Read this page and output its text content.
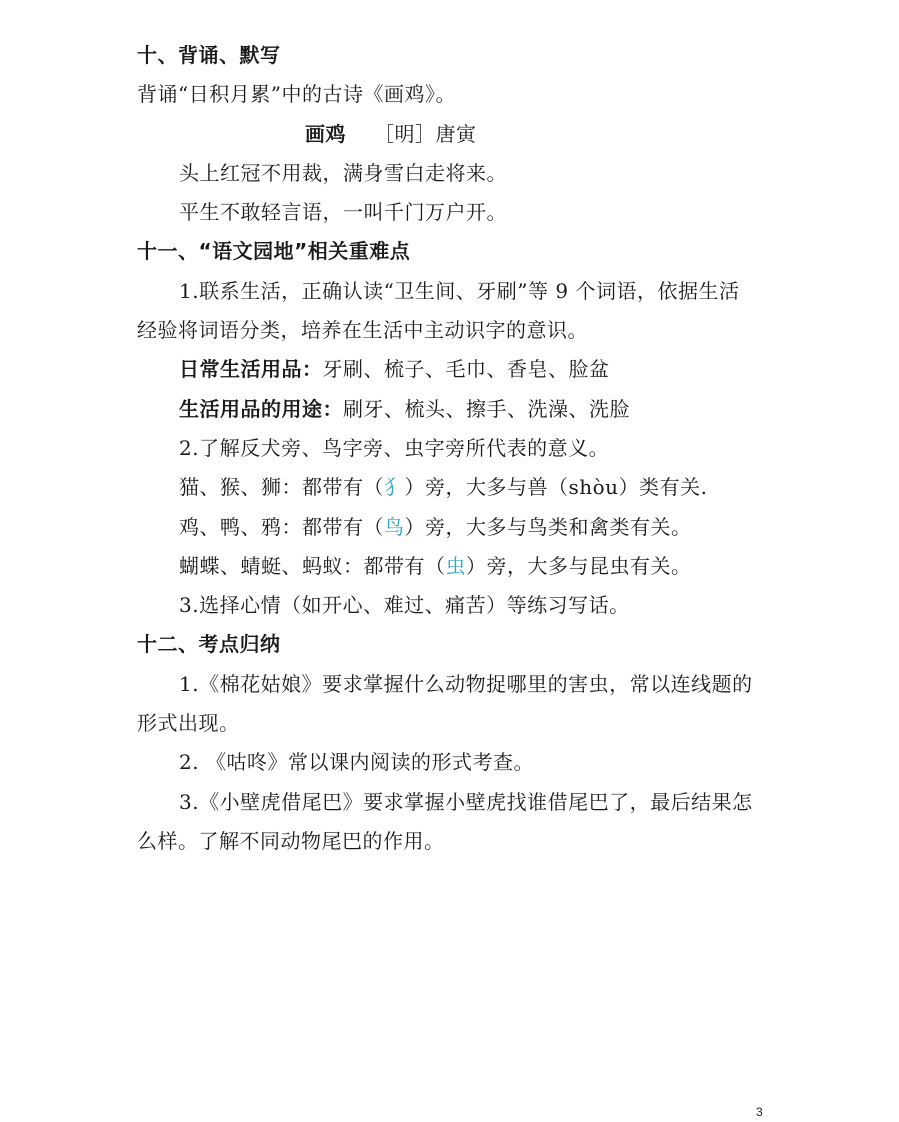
十、背诵、默写
背诵“日积月累”中的古诗《画鸡》。
画鸡 ［明］唐寅
头上红冠不用裁，满身雪白走将来。
平生不敢轻言语，一叫千门万户开。
十一、“语文园地”相关重难点
1.联系生活，正确认读“卫生间、牙刷”等 9 个词语，依据生活
经验将词语分类，培养在生活中主动识字的意识。
日常生活用品：牙刷、梳子、毛巾、香皂、脸盆
生活用品的用途：刷牙、梳头、擦手、洗澡、洗脸
2.了解反犬旁、鸟字旁、虫字旁所代表的意义。
猫、猴、狮：都带有（犭）旁，大多与兽（shòu）类有关.
鸡、鸭、鸦：都带有（鸟）旁，大多与鸟类和禽类有关。
蝴蝶、蜻蜓、蚂蚁：都带有（虫）旁，大多与昆虫有关。
3.选择心情（如开心、难过、痛苦）等练习写话。
十二、考点归纳
1.《棉花姑娘》要求掌握什么动物捉哪里的害虫，常以连线题的
形式出现。
2. 《咕咚》常以课内阅读的形式考查。
3.《小壁虎借尾巴》要求掌握小壁虎找谁借尾巴了，最后结果怎
么样。了解不同动物尾巴的作用。
3
